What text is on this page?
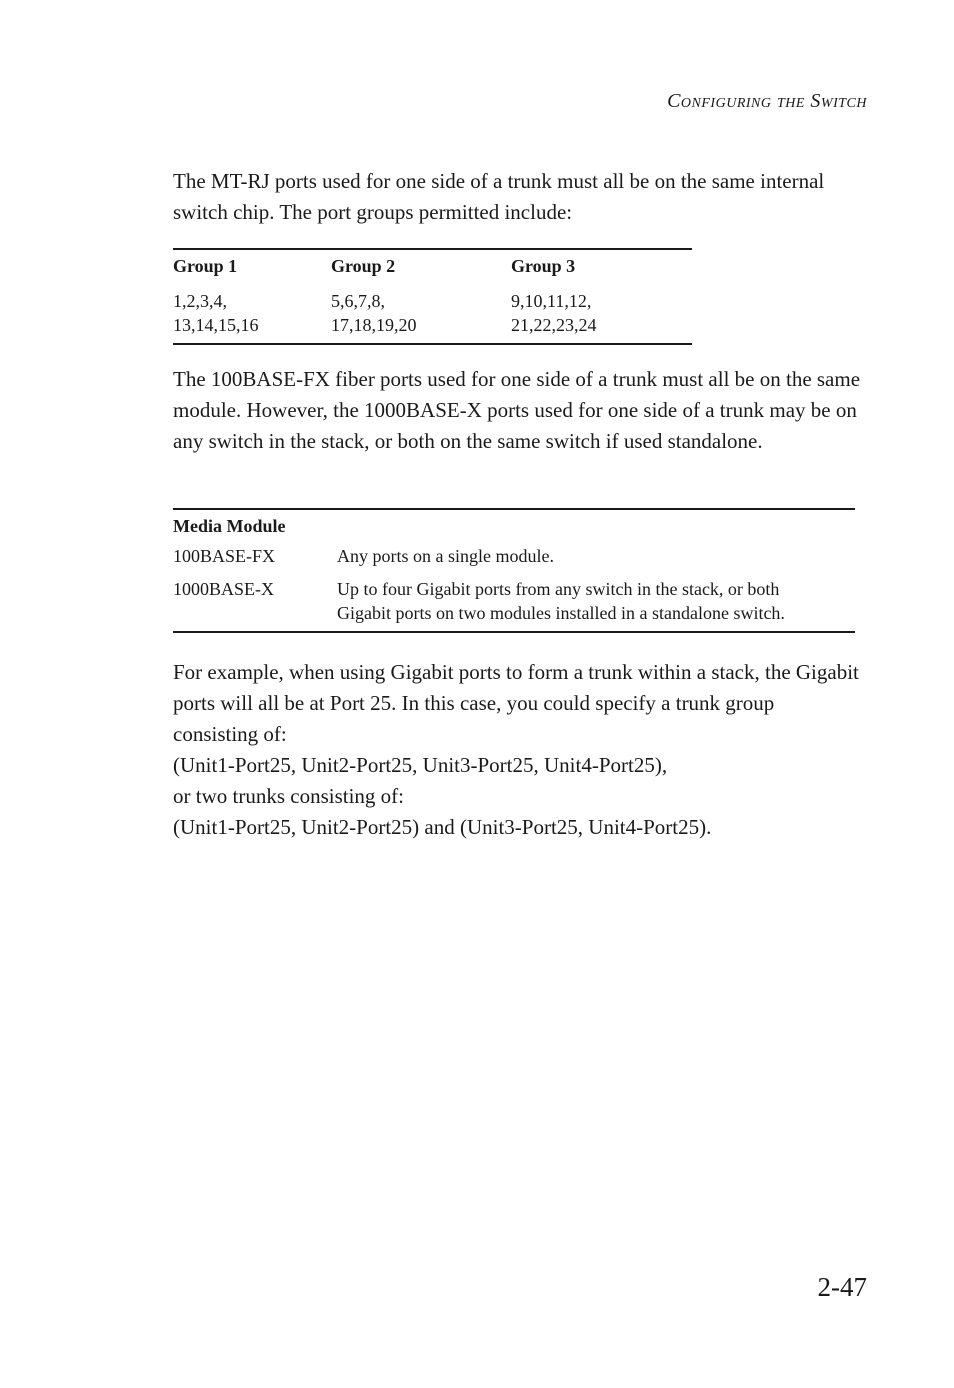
Configuring the Switch

The MT-RJ ports used for one side of a trunk must all be on the same internal switch chip. The port groups permitted include:

Group 1	Group 2	Group 3
1,2,3,4,	5,6,7,8,	9,10,11,12,
13,14,15,16	17,18,19,20	21,22,23,24

The 100BASE-FX fiber ports used for one side of a trunk must all be on the same module. However, the 1000BASE-X ports used for one side of a trunk may be on any switch in the stack, or both on the same switch if used standalone.

Media Module
100BASE-FX	Any ports on a single module.
1000BASE-X	Up to four Gigabit ports from any switch in the stack, or both
Gigabit ports on two modules installed in a standalone switch.

For example, when using Gigabit ports to form a trunk within a stack, the Gigabit ports will all be at Port 25. In this case, you could specify a trunk group consisting of:

(Unit1-Port25, Unit2-Port25, Unit3-Port25, Unit4-Port25),

or two trunks consisting of:

(Unit1-Port25, Unit2-Port25) and (Unit3-Port25, Unit4-Port25).

2-47
